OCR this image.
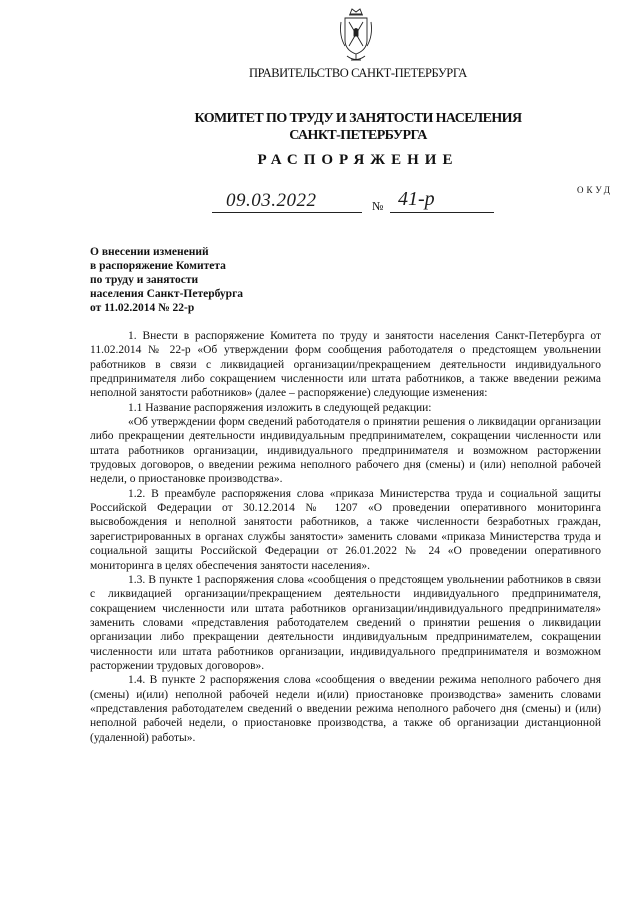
ПРАВИТЕЛЬСТВО САНКТ-ПЕТЕРБУРГА
КОМИТЕТ ПО ТРУДУ И ЗАНЯТОСТИ НАСЕЛЕНИЯ
САНКТ-ПЕТЕРБУРГА
РАСПОРЯЖЕНИЕ
ОКУД
09.03.2022	№ 41-р
О внесении изменений
в распоряжение Комитета
по труду и занятости
населения Санкт-Петербурга
от 11.02.2014 № 22-р

1. Внести в распоряжение Комитета по труду и занятости населения Санкт-Петербурга от 11.02.2014 № 22-р «Об утверждении форм сообщения работодателя о предстоящем увольнении работников в связи с ликвидацией организации/прекращением деятельности индивидуального предпринимателя либо сокращением численности или штата работников, а также введении режима неполной занятости работников» (далее – распоряжение) следующие изменения:

1.1 Название распоряжения изложить в следующей редакции:

«Об утверждении форм сведений работодателя о принятии решения о ликвидации организации либо прекращении деятельности индивидуальным предпринимателем, сокращении численности или штата работников организации, индивидуального предпринимателя и возможном расторжении трудовых договоров, о введении режима неполного рабочего дня (смены) и (или) неполной рабочей недели, о приостановке производства».

1.2. В преамбуле распоряжения слова «приказа Министерства труда и социальной защиты Российской Федерации от 30.12.2014 № 1207 «О проведении оперативного мониторинга высвобождения и неполной занятости работников, а также численности безработных граждан, зарегистрированных в органах службы занятости» заменить словами «приказа Министерства труда и социальной защиты Российской Федерации от 26.01.2022 № 24 «О проведении оперативного мониторинга в целях обеспечения занятости населения».

1.3. В пункте 1 распоряжения слова «сообщения о предстоящем увольнении работников в связи с ликвидацией организации/прекращением деятельности индивидуального предпринимателя, сокращением численности или штата работников организации/индивидуального предпринимателя» заменить словами «представления работодателем сведений о принятии решения о ликвидации организации либо прекращении деятельности индивидуальным предпринимателем, сокращении численности или штата работников организации, индивидуального предпринимателя и возможном расторжении трудовых договоров».

1.4. В пункте 2 распоряжения слова «сообщения о введении режима неполного рабочего дня (смены) и(или) неполной рабочей недели и(или) приостановке производства» заменить словами «представления работодателем сведений о введении режима неполного рабочего дня (смены) и (или) неполной рабочей недели, о приостановке производства, а также об организации дистанционной (удаленной) работы».
